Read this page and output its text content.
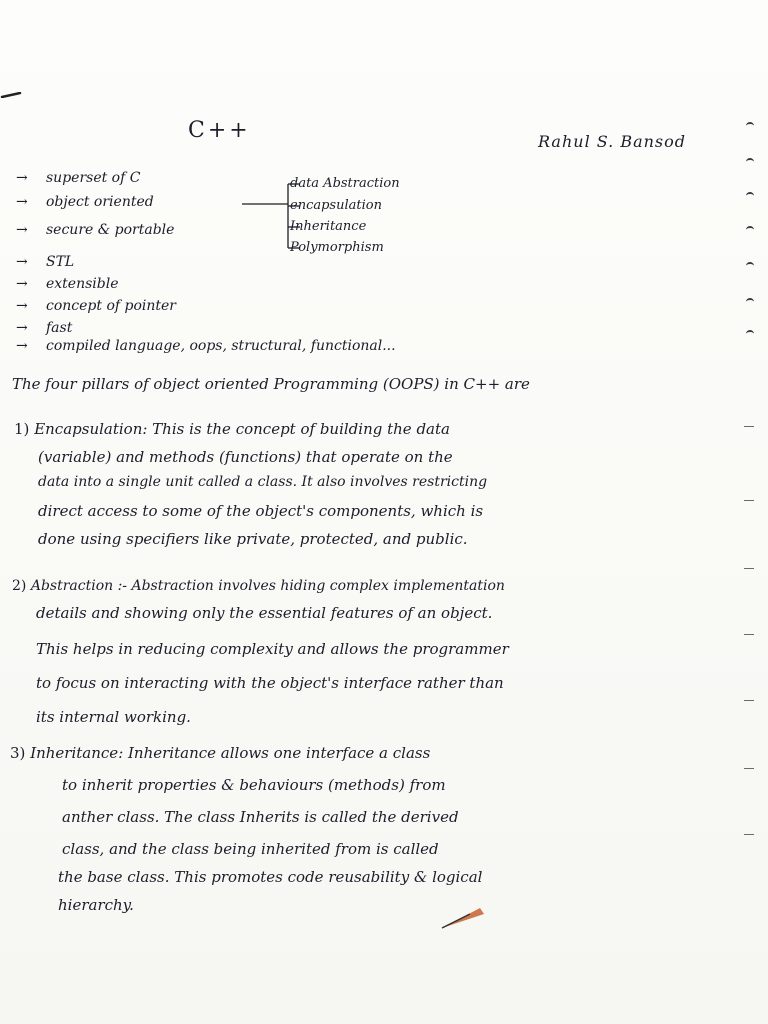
C++	Rahul S. Bansod
→ superset of C
→ object oriented
→ secure & portable
→ STL
→ extensible
→ concept of pointer
→ fast
→ compiled language, oops, structural, functional...
data Abstraction
encapsulation
Inheritance
Polymorphism
The four pillars of object oriented Programming (OOPS) in C++ are
1) Encapsulation: This is the concept of building the data
(variable) and methods (functions) that operate on the
data into a single unit called a class. It also involves restricting
direct access to some of the object's components, which is
done using specifiers like private, protected, and public.
2) Abstraction :- Abstraction involves hiding complex implementation
details and showing only the essential features of an object.
This helps in reducing complexity and allows the programmer
to focus on interacting with the object's interface rather than
its internal working.
3) Inheritance: Inheritance allows one interface a class
to inherit properties & behaviours (methods) from
anther class. The class Inherits is called the derived
class, and the class being inherited from is called
the base class. This promotes code reusability & logical
hierarchy.
